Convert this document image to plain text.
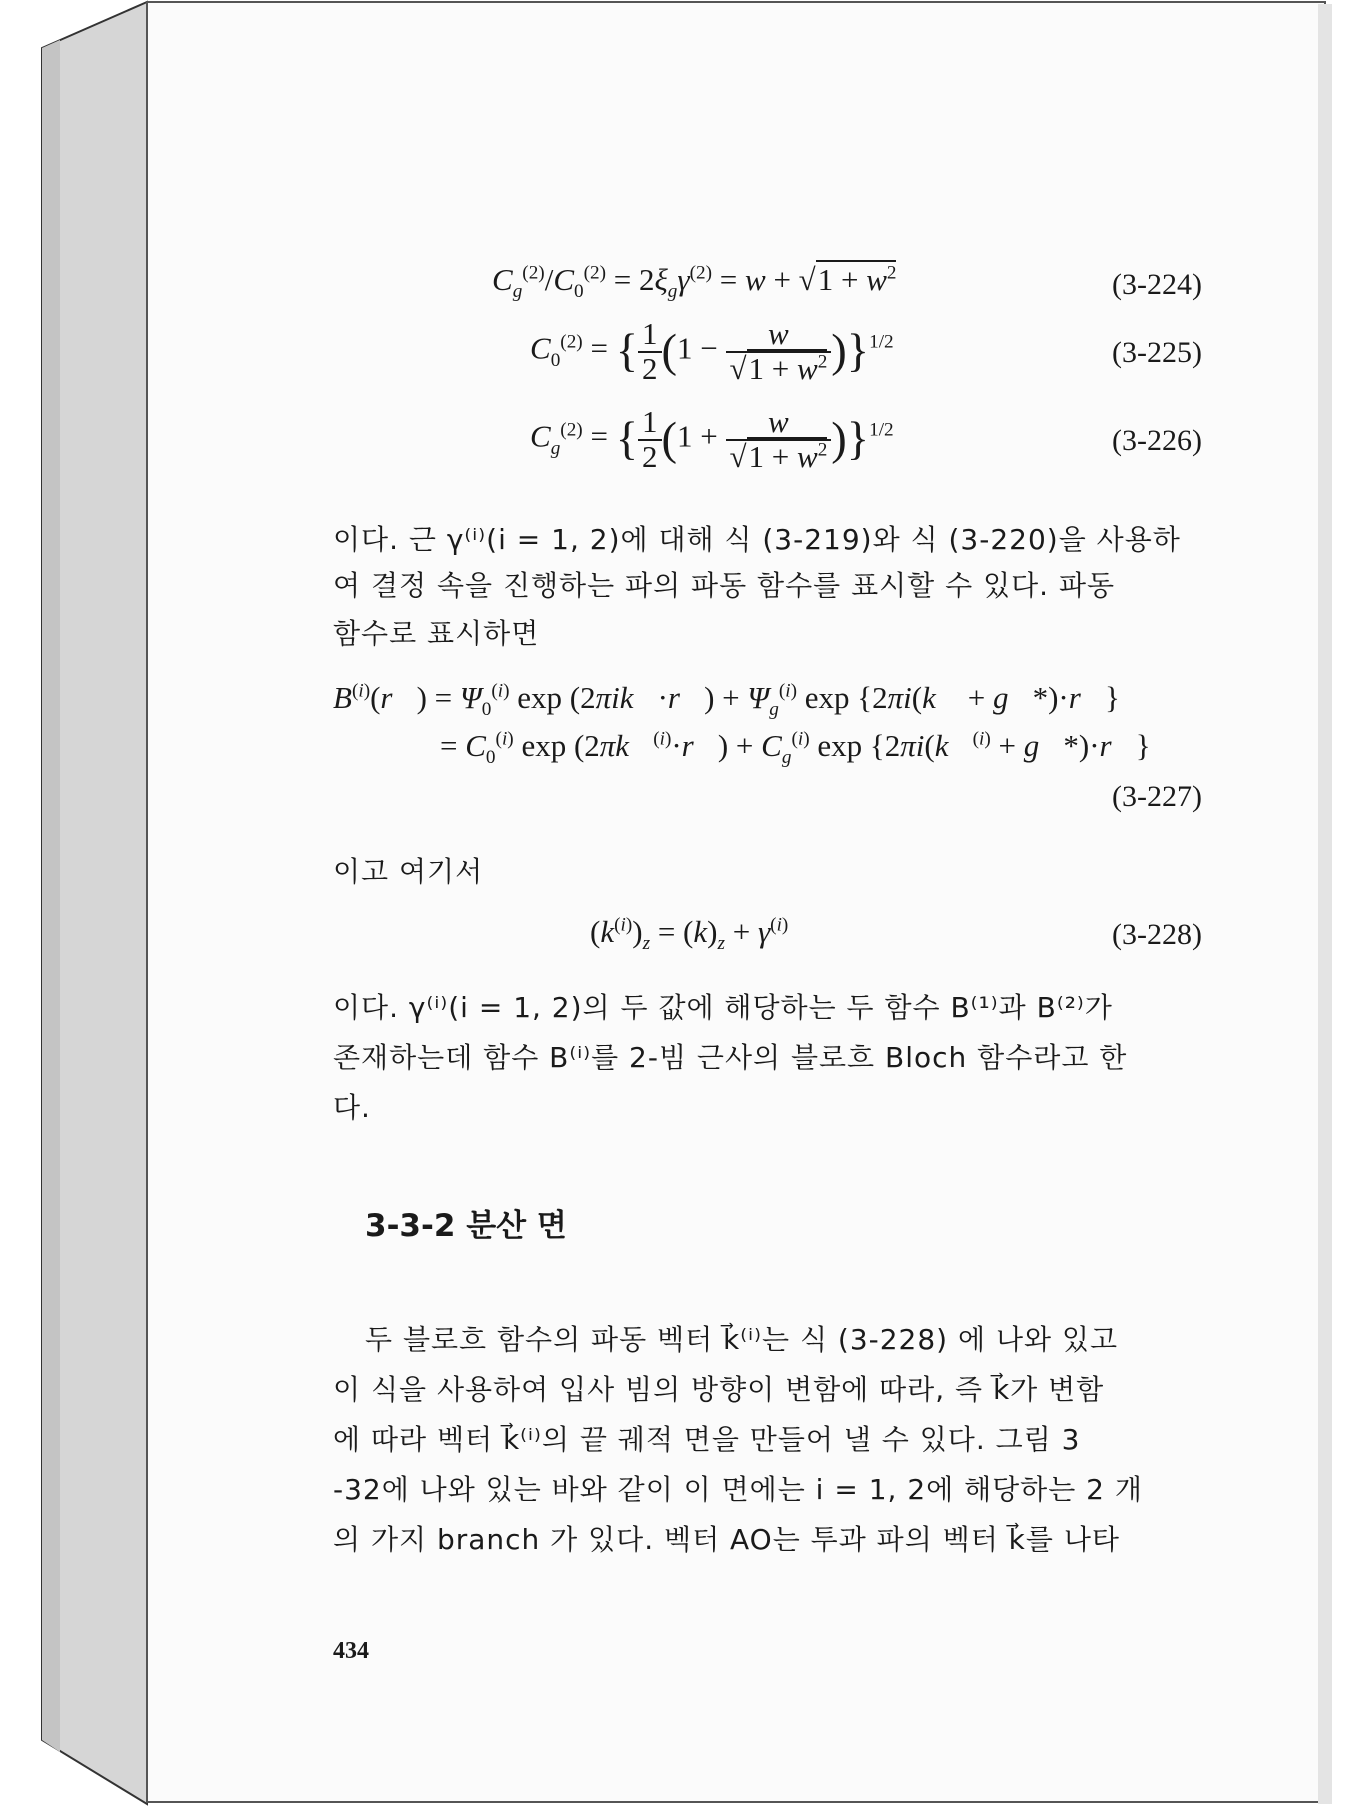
$C_g^{(2)}/C_0^{(2)} = 2\xi_g\gamma^{(2)} = w + √1 + w^2$	(3-224)
$C_0^{(2)}$ = { $\frac{1}{2} (1 - \frac{w}{√1 + w^2} )\}^{1/2}$	(3-225)
$C_g^{(2)}$ = { $\frac{1}{2} (1 + \frac{w}{√1 + w^2} )\}^{1/2}$	(3-226)
이다. 근 γ⁽ⁱ⁾(i = 1, 2)에 대해 식 (3-219)와 식 (3-220)을 사용하
여 결정 속을 진행하는 파의 파동 함수를 표시할 수 있다. 파동
함수로 표시하면
$B^{(i)}(r⃗) = \Psi_0^{(i)}$ exp (2πik⃗·r⃗) + $\Psi_g^{(i)}$ exp {2πi(k⃗ + g⃗*)·r⃗}
= $C_0^{(i)}$ exp (2πk⃗$^{(i)}$·r⃗) + $C_g^{(i)}$ exp {2πi(k⃗$^{(i)}$ + g⃗*)·r⃗}
(3-227)
이고 여기서
$(k^{(i)})_z = (k)_z + \gamma^{(i)}$	(3-228)
이다. γ⁽ⁱ⁾(i = 1, 2)의 두 값에 해당하는 두 함수 B⁽¹⁾과 B⁽²⁾가
존재하는데 함수 B⁽ⁱ⁾를 2-빔 근사의 블로흐 Bloch 함수라고 한
다.
3-3-2 분산 면
두 블로흐 함수의 파동 벡터 k⃗⁽ⁱ⁾는 식 (3-228) 에 나와 있고
이 식을 사용하여 입사 빔의 방향이 변함에 따라, 즉 k⃗가 변함
에 따라 벡터 k⃗⁽ⁱ⁾의 끝 궤적 면을 만들어 낼 수 있다. 그림 3
-32에 나와 있는 바와 같이 이 면에는 i = 1, 2에 해당하는 2 개
의 가지 branch 가 있다. 벡터 AO는 투과 파의 벡터 k⃗를 나타
434
